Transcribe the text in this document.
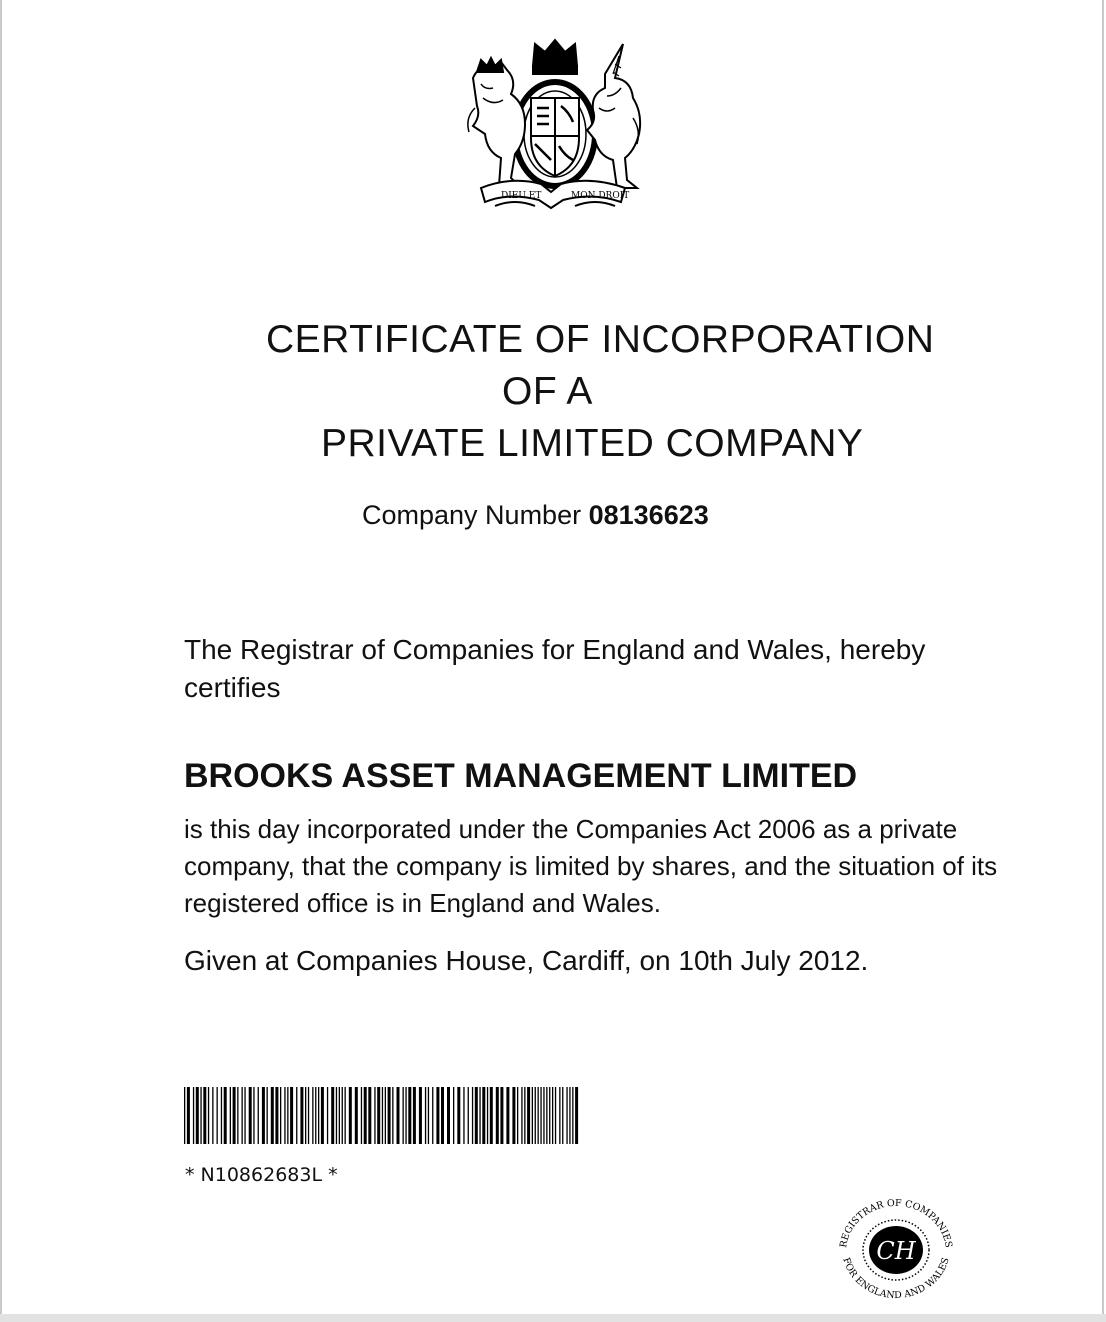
DIEU ET	MON DROIT
CERTIFICATE OF INCORPORATION
OF A
PRIVATE LIMITED COMPANY
Company Number 08136623
The Registrar of Companies for England and Wales, hereby certifies
BROOKS ASSET MANAGEMENT LIMITED
is this day incorporated under the Companies Act 2006 as a private company, that the company is limited by shares, and the situation of its registered office is in England and Wales.
Given at Companies House, Cardiff, on 10th July 2012.
* N10862683L *
CH
REGISTRAR OF COMPANIES
FOR ENGLAND AND WALES
